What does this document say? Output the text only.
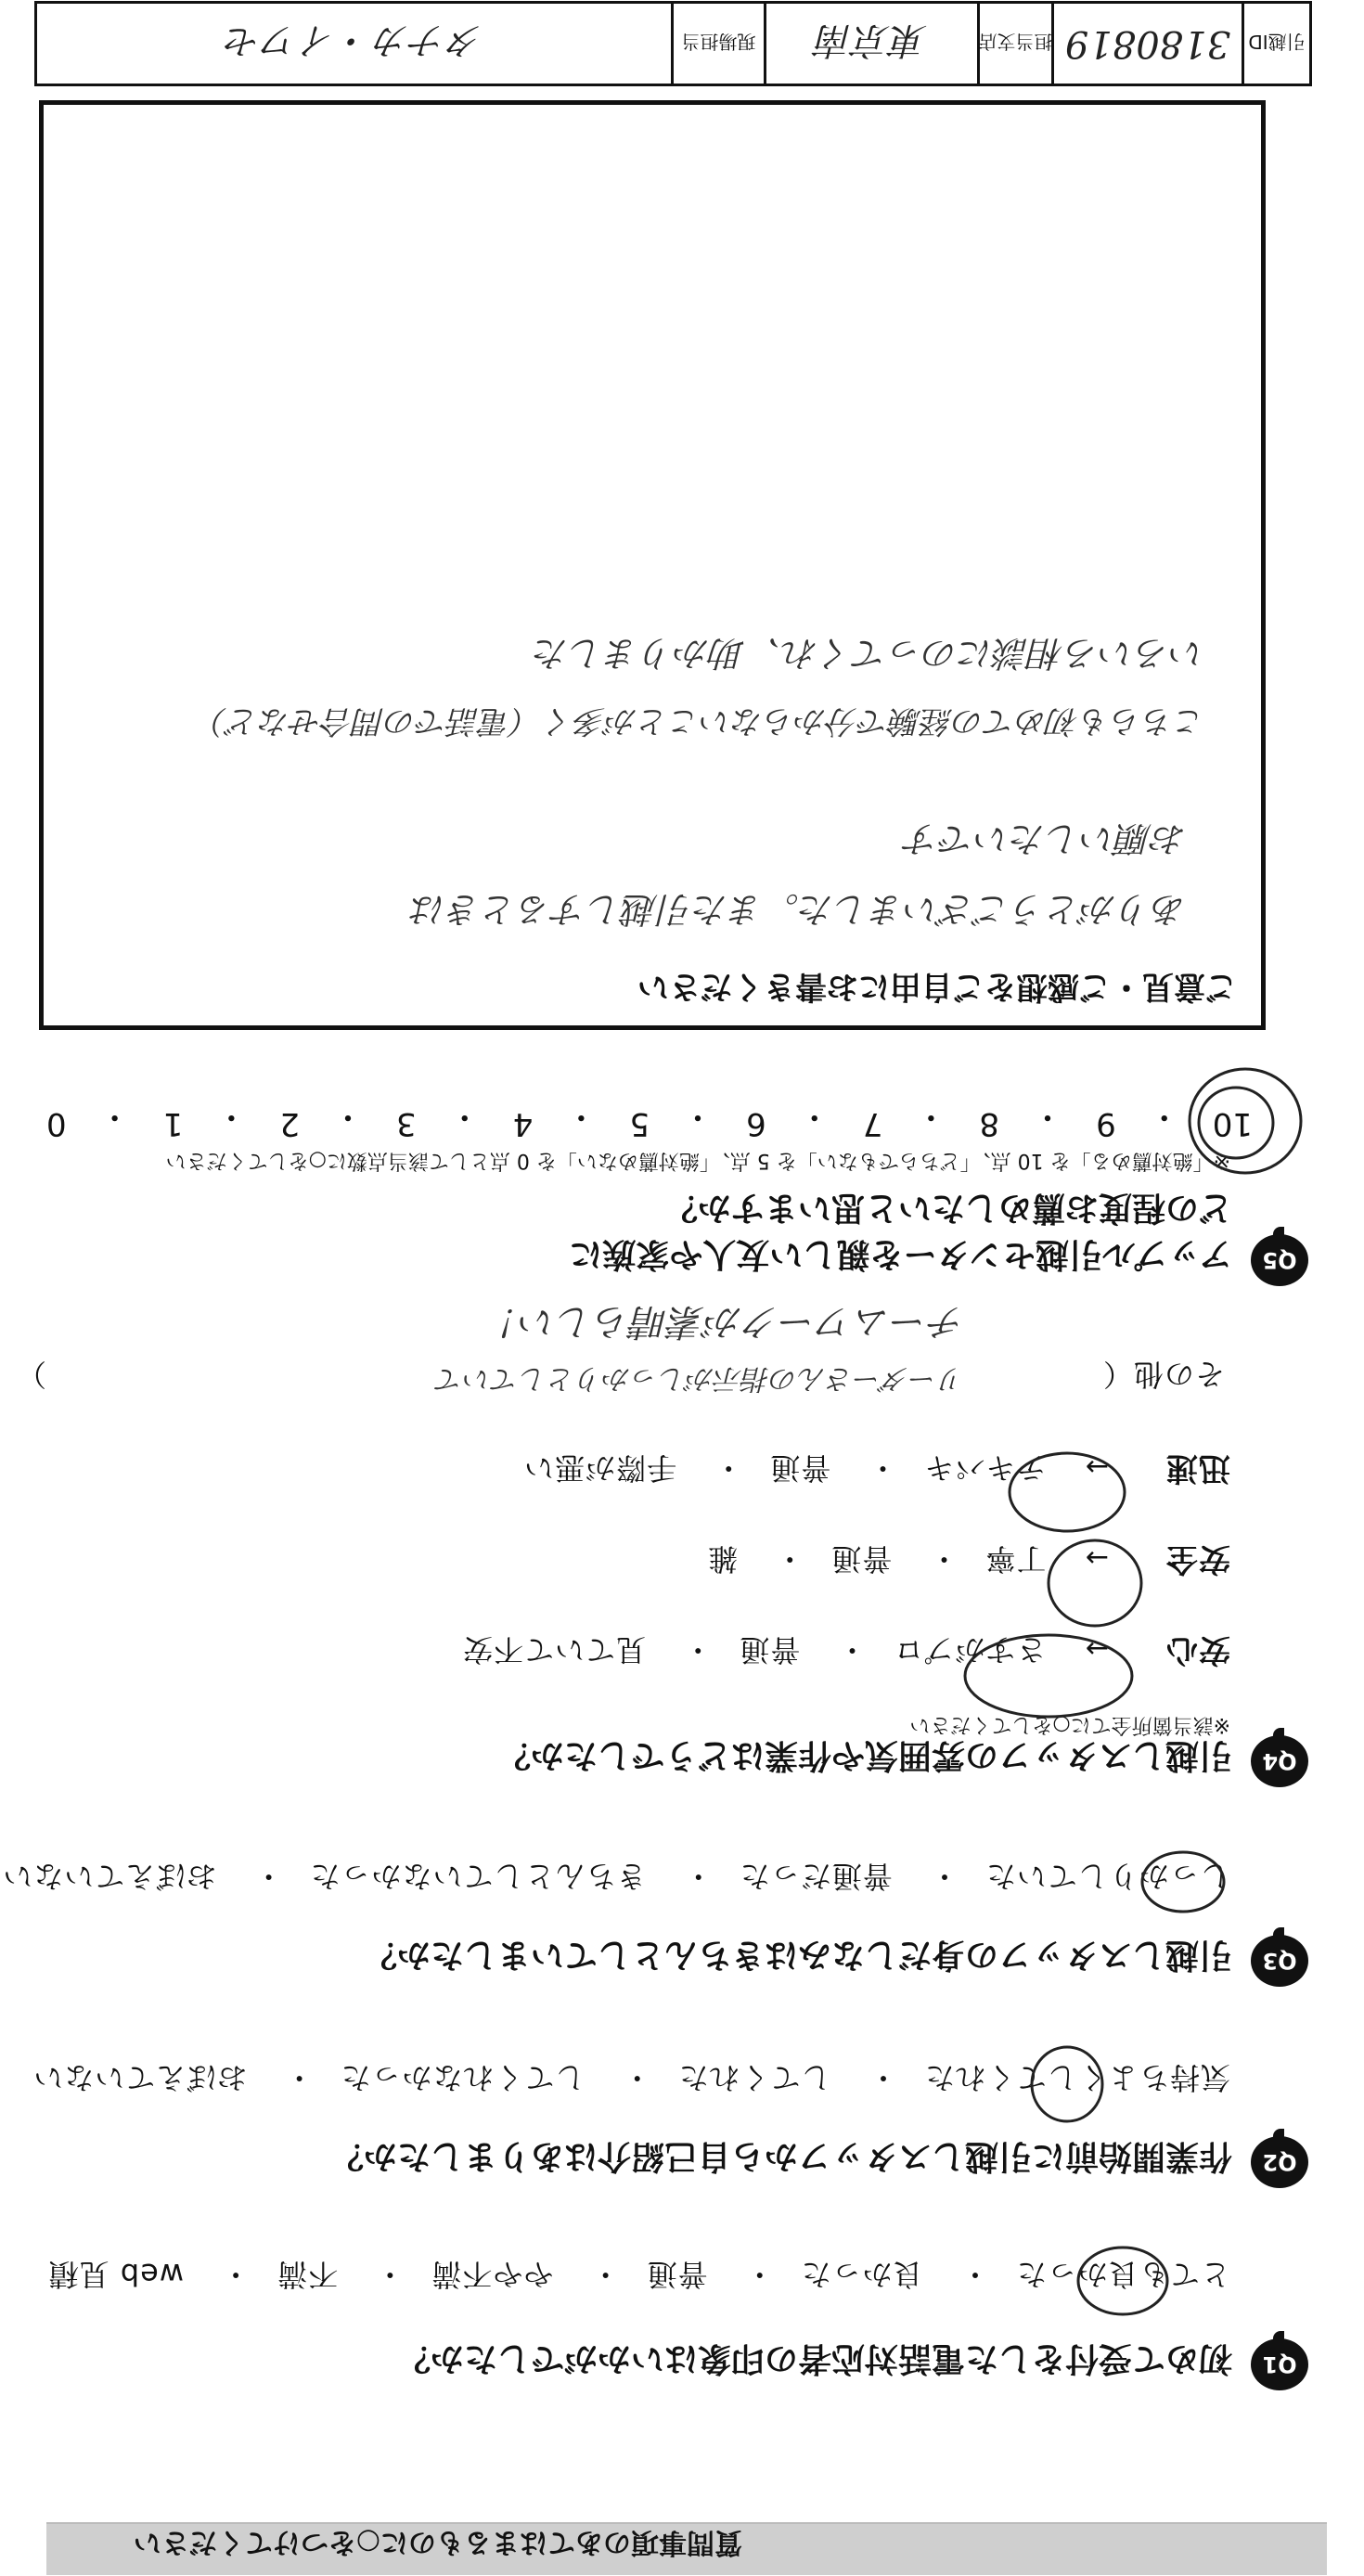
質問事項のあてはまるものに○をつけてください
Q1
初めて受付をした電話対応者の印象はいかがでしたか？
とても良かった・ 良かった・ 普通・ やや不満・ 不満・ web 見積
Q2
作業開始前に引越しスタッフから自己紹介はありましたか？
気持ちよくしてくれた・ してくれた・ してくれなかった・ おぼえていない
Q3
引越しスタッフの身だしなみはきちんとしていましたか？
しっかりしていた・ 普通だった・ きちんとしていなかった・ おぼえていない
Q4
引越しスタッフの雰囲気や作業はどうでしたか？
※該当箇所全てに○をしてください
安心 → さすがプロ・ 普通・ 見ていて不安
安全 → 丁寧・ 普通・ 雑
迅速 → テキパキ・ 普通・ 手際が悪い
その他（
）	リーダーさんの指示がしっかりとしていて
チームワークが素晴らしい！
Q5
アップル引越センターを親しい友人や家族に
どの程度お薦めしたいと思いますか？
※「絶対薦める」を 10 点、「どちらでもない」を 5 点、「絶対薦めない」を 0 点として該当点数に○をしてください
10
・
9
・
8
・
7
・
6
・
5
・
4
・
3
・
2
・
1
・
0
ご意見・ご感想をご自由にお書きください
ありがとうございました。また引越しするときは
お願いしたいです
こちらも初めての経験で分からないことが多く（電話での問合せなど）
いろいろ相談にのってくれ、助かりました
引越ID
3180819
担当支店
東京南
現場担当
タナカ・イワセ
